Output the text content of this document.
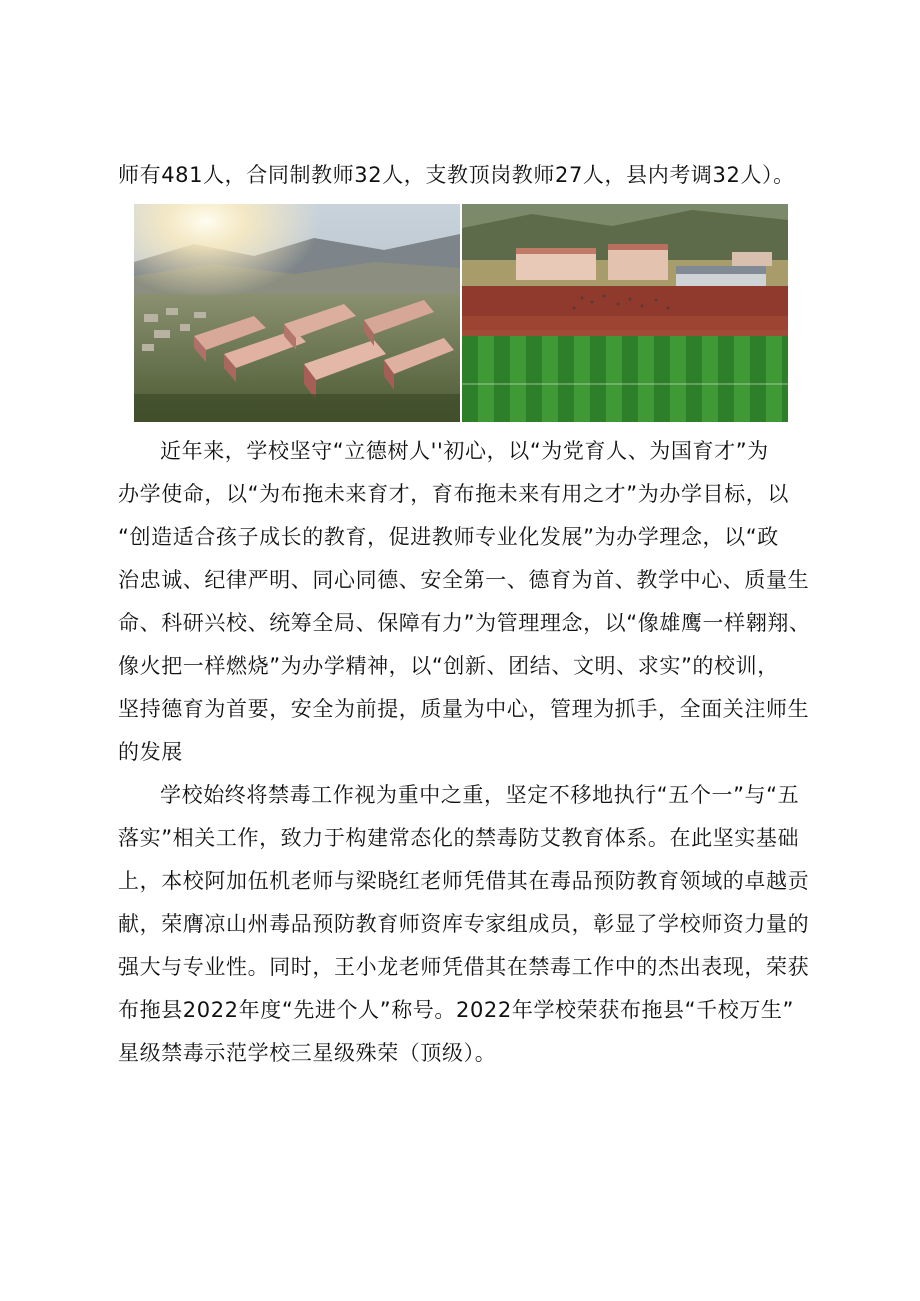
师有481人，合同制教师32人，支教顶岗教师27人，县内考调32人）。
近年来，学校坚守“立德树人''初心，以“为党育人、为国育才”为
办学使命，以“为布拖未来育才，育布拖未来有用之才”为办学目标，以
“创造适合孩子成长的教育，促进教师专业化发展”为办学理念，以“政
治忠诚、纪律严明、同心同德、安全第一、德育为首、教学中心、质量生
命、科研兴校、统筹全局、保障有力”为管理理念，以“像雄鹰一样翱翔、
像火把一样燃烧”为办学精神，以“创新、团结、文明、求实”的校训，
坚持德育为首要，安全为前提，质量为中心，管理为抓手，全面关注师生
的发展
学校始终将禁毒工作视为重中之重，坚定不移地执行“五个一”与“五
落实”相关工作，致力于构建常态化的禁毒防艾教育体系。在此坚实基础
上，本校阿加伍机老师与梁晓红老师凭借其在毒品预防教育领域的卓越贡
献，荣膺凉山州毒品预防教育师资库专家组成员，彰显了学校师资力量的
强大与专业性。同时，王小龙老师凭借其在禁毒工作中的杰出表现，荣获
布拖县2022年度“先进个人”称号。2022年学校荣获布拖县“千校万生”
星级禁毒示范学校三星级殊荣（顶级）。
